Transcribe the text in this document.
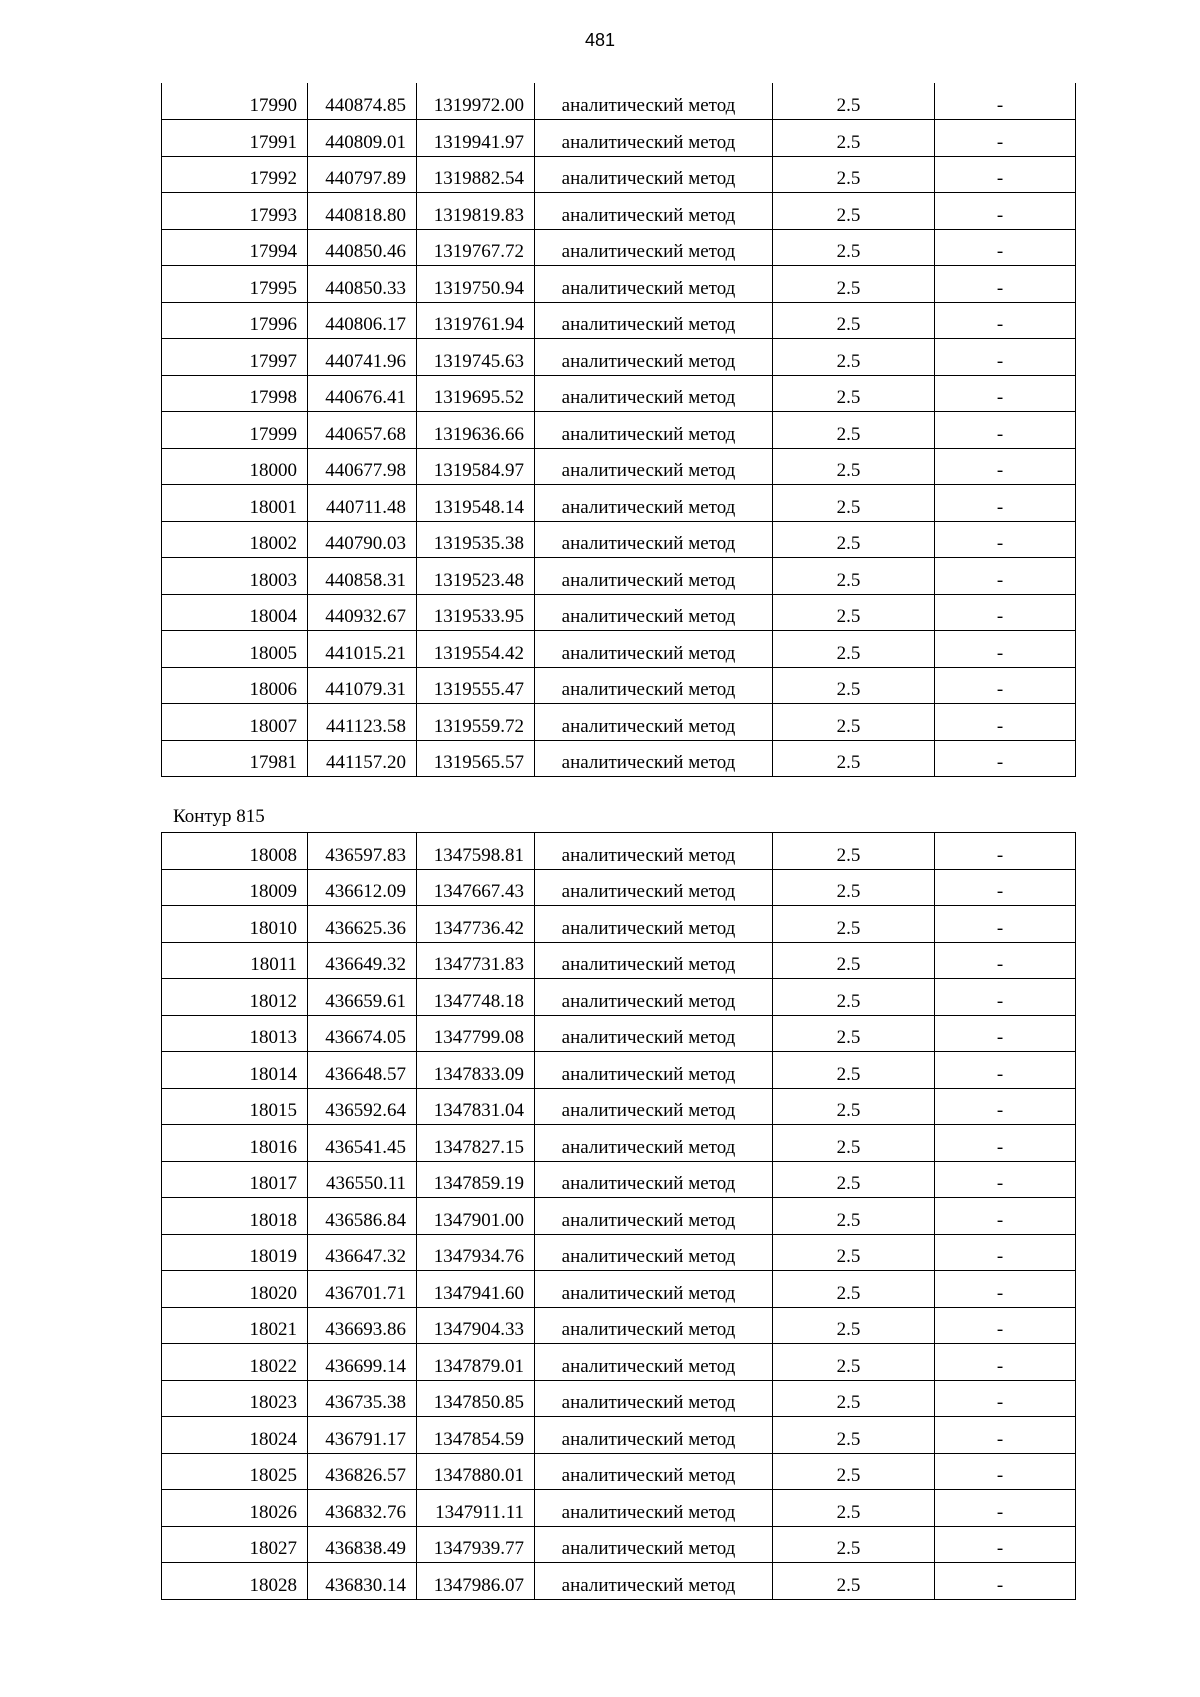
481
17990	440874.85	1319972.00	аналитический метод	2.5	-
17991	440809.01	1319941.97	аналитический метод	2.5	-
17992	440797.89	1319882.54	аналитический метод	2.5	-
17993	440818.80	1319819.83	аналитический метод	2.5	-
17994	440850.46	1319767.72	аналитический метод	2.5	-
17995	440850.33	1319750.94	аналитический метод	2.5	-
17996	440806.17	1319761.94	аналитический метод	2.5	-
17997	440741.96	1319745.63	аналитический метод	2.5	-
17998	440676.41	1319695.52	аналитический метод	2.5	-
17999	440657.68	1319636.66	аналитический метод	2.5	-
18000	440677.98	1319584.97	аналитический метод	2.5	-
18001	440711.48	1319548.14	аналитический метод	2.5	-
18002	440790.03	1319535.38	аналитический метод	2.5	-
18003	440858.31	1319523.48	аналитический метод	2.5	-
18004	440932.67	1319533.95	аналитический метод	2.5	-
18005	441015.21	1319554.42	аналитический метод	2.5	-
18006	441079.31	1319555.47	аналитический метод	2.5	-
18007	441123.58	1319559.72	аналитический метод	2.5	-
17981	441157.20	1319565.57	аналитический метод	2.5	-
Контур 815
18008	436597.83	1347598.81	аналитический метод	2.5	-
18009	436612.09	1347667.43	аналитический метод	2.5	-
18010	436625.36	1347736.42	аналитический метод	2.5	-
18011	436649.32	1347731.83	аналитический метод	2.5	-
18012	436659.61	1347748.18	аналитический метод	2.5	-
18013	436674.05	1347799.08	аналитический метод	2.5	-
18014	436648.57	1347833.09	аналитический метод	2.5	-
18015	436592.64	1347831.04	аналитический метод	2.5	-
18016	436541.45	1347827.15	аналитический метод	2.5	-
18017	436550.11	1347859.19	аналитический метод	2.5	-
18018	436586.84	1347901.00	аналитический метод	2.5	-
18019	436647.32	1347934.76	аналитический метод	2.5	-
18020	436701.71	1347941.60	аналитический метод	2.5	-
18021	436693.86	1347904.33	аналитический метод	2.5	-
18022	436699.14	1347879.01	аналитический метод	2.5	-
18023	436735.38	1347850.85	аналитический метод	2.5	-
18024	436791.17	1347854.59	аналитический метод	2.5	-
18025	436826.57	1347880.01	аналитический метод	2.5	-
18026	436832.76	1347911.11	аналитический метод	2.5	-
18027	436838.49	1347939.77	аналитический метод	2.5	-
18028	436830.14	1347986.07	аналитический метод	2.5	-
